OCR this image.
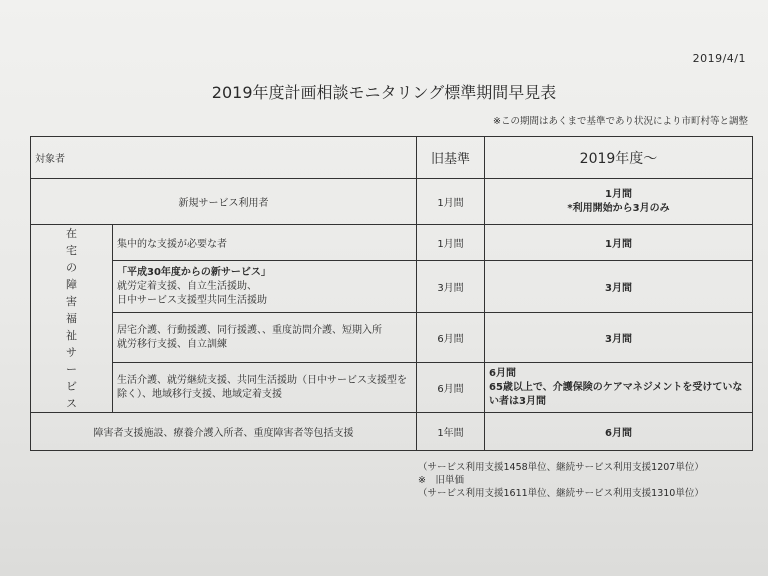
2019/4/1
2019年度計画相談モニタリング標準期間早見表
※この期間はあくまで基準であり状況により市町村等と調整
対象者		旧基準	2019年度～
新規サービス利用者		1月間	1月間
*利用開始から3月のみ

在宅の障害福祉サービス	集中的な支援が必要な者	1月間	1月間

	「平成30年度からの新サービス」
就労定着支援、自立生活援助、
日中サービス支援型共同生活援助	3月間	3月間

	居宅介護、行動援護、同行援護、、重度訪問介護、短期入所
就労移行支援、自立訓練	6月間	3月間
	生活介護、就労継続支援、共同生活援助（日中サービス支援型を除く）、地域移行支援、地域定着支援	6月間	6月間
65歳以上で、介護保険のケアマネジメントを受けていない者は3月間

障害者支援施設、療養介護入所者、重度障害者等包括支援		1年間	6月間
（サービス利用支援1458単位、継続サービス利用支援1207単位）
※　旧単価
（サービス利用支援1611単位、継続サービス利用支援1310単位）
